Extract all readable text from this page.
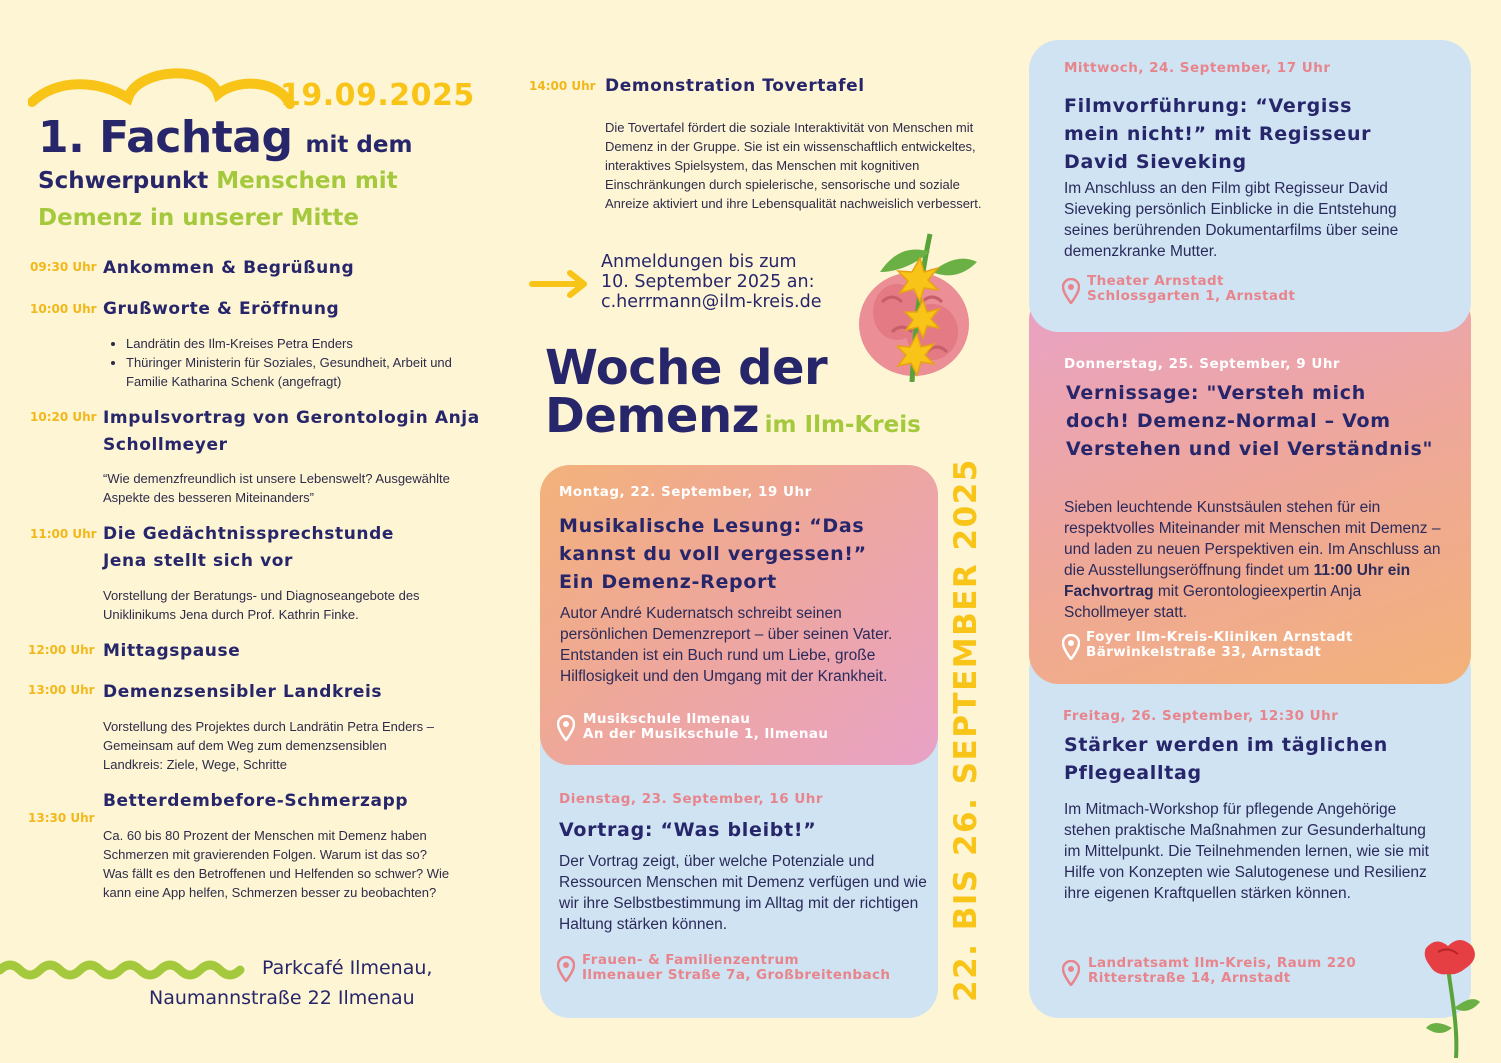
19.09.2025
1. Fachtag mit dem
Schwerpunkt Menschen mit
Demenz in unserer Mitte
09:30 Uhr Ankommen & Begrüßung
10:00 Uhr Grußworte & Eröffnung
• Landrätin des Ilm-Kreises Petra Enders
• Thüringer Ministerin für Soziales, Gesundheit, Arbeit und Familie Katharina Schenk (angefragt)
10:20 Uhr Impulsvortrag von Gerontologin Anja Schollmeyer
“Wie demenzfreundlich ist unsere Lebenswelt? Ausgewählte Aspekte des besseren Miteinanders”
11:00 Uhr Die Gedächtnissprechstunde Jena stellt sich vor
Vorstellung der Beratungs- und Diagnoseangebote des Uniklinikums Jena durch Prof. Kathrin Finke.
12:00 Uhr Mittagspause
13:00 Uhr Demenzsensibler Landkreis
Vorstellung des Projektes durch Landrätin Petra Enders – Gemeinsam auf dem Weg zum demenzsensiblen Landkreis: Ziele, Wege, Schritte
Betterdembefore-Schmerzapp
13:30 Uhr
Ca. 60 bis 80 Prozent der Menschen mit Demenz haben Schmerzen mit gravierenden Folgen. Warum ist das so? Was fällt es den Betroffenen und Helfenden so schwer? Wie kann eine App helfen, Schmerzen besser zu beobachten?
Parkcafé Ilmenau,
Naumannstraße 22 Ilmenau
14:00 Uhr Demonstration Tovertafel
Die Tovertafel fördert die soziale Interaktivität von Menschen mit Demenz in der Gruppe. Sie ist ein wissenschaftlich entwickeltes, interaktives Spielsystem, das Menschen mit kognitiven Einschränkungen durch spielerische, sensorische und soziale Anreize aktiviert und ihre Lebensqualität nachweislich verbessert.
Anmeldungen bis zum
10. September 2025 an:
c.herrmann@ilm-kreis.de
Woche der
Demenz im Ilm-Kreis
Montag, 22. September, 19 Uhr
Musikalische Lesung: “Das kannst du voll vergessen!” Ein Demenz-Report
Autor André Kudernatsch schreibt seinen persönlichen Demenzreport – über seinen Vater. Entstanden ist ein Buch rund um Liebe, große Hilflosigkeit und den Umgang mit der Krankheit.
Musikschule Ilmenau
An der Musikschule 1, Ilmenau
Dienstag, 23. September, 16 Uhr
Vortrag: “Was bleibt!”
Der Vortrag zeigt, über welche Potenziale und Ressourcen Menschen mit Demenz verfügen und wie wir ihre Selbstbestimmung im Alltag mit der richtigen Haltung stärken können.
Frauen- & Familienzentrum
Ilmenauer Straße 7a, Großbreitenbach 22. BIS 26. SEPTEMBER 2025
Mittwoch, 24. September, 17 Uhr
Filmvorführung: “Vergiss mein nicht!” mit Regisseur David Sieveking
Im Anschluss an den Film gibt Regisseur David Sieveking persönlich Einblicke in die Entstehung seines berührenden Dokumentarfilms über seine demenzkranke Mutter.
Theater Arnstadt
Schlossgarten 1, Arnstadt
Donnerstag, 25. September, 9 Uhr
Vernissage: "Versteh mich doch! Demenz-Normal – Vom Verstehen und viel Verständnis"
Sieben leuchtende Kunstsäulen stehen für ein respektvolles Miteinander mit Menschen mit Demenz – und laden zu neuen Perspektiven ein. Im Anschluss an die Ausstellungseröffnung findet um 11:00 Uhr ein Fachvortrag mit Gerontologieexpertin Anja Schollmeyer statt.
Foyer Ilm-Kreis-Kliniken Arnstadt
Bärwinkelstraße 33, Arnstadt
Freitag, 26. September, 12:30 Uhr
Stärker werden im täglichen Pflegealltag
Im Mitmach-Workshop für pflegende Angehörige stehen praktische Maßnahmen zur Gesunderhaltung im Mittelpunkt. Die Teilnehmenden lernen, wie sie mit Hilfe von Konzepten wie Salutogenese und Resilienz ihre eigenen Kraftquellen stärken können.
Landratsamt Ilm-Kreis, Raum 220
Ritterstraße 14, Arnstadt
